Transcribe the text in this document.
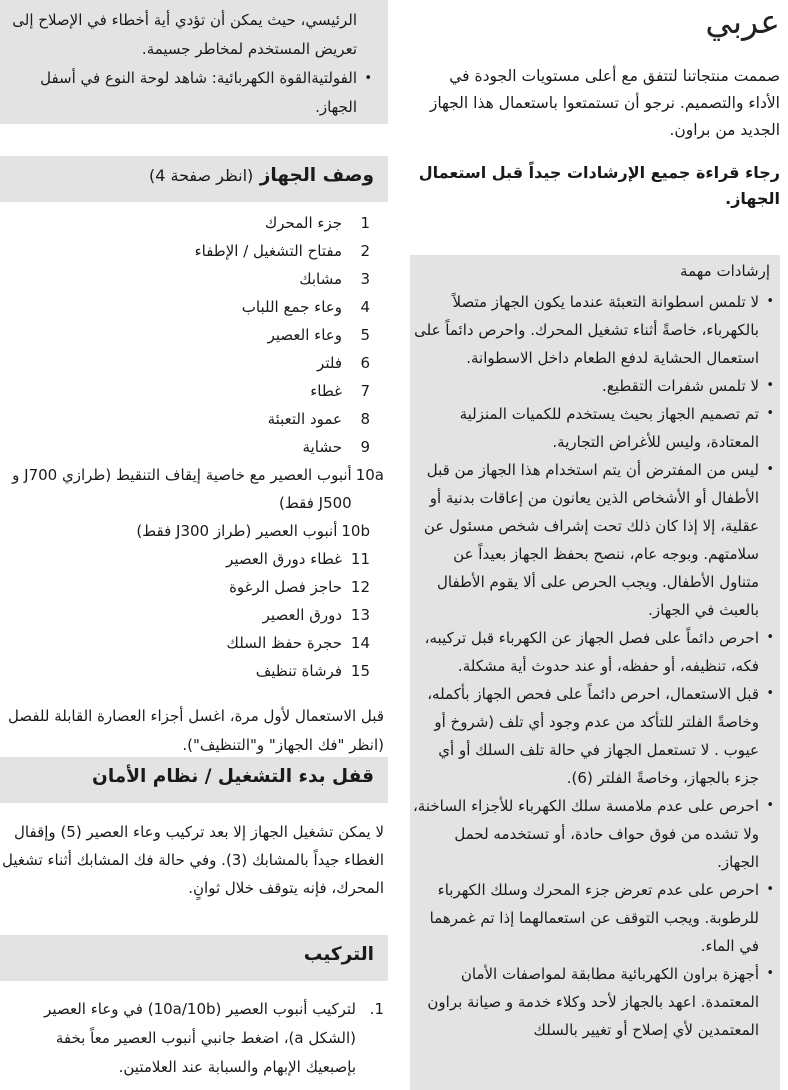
عربي
صممت منتجاتنا لتتفق مع أعلى مستويات الجودة في الأداء والتصميم. نرجو أن تستمتعوا باستعمال هذا الجهاز الجديد من براون.
رجاء قراءة جميع الإرشادات جيداً قبل استعمال الجهاز.
إرشادات مهمة
• لا تلمس اسطوانة التعبئة عندما يكون الجهاز متصلاً بالكهرباء، خاصةً أثناء تشغيل المحرك. واحرص دائماً على استعمال الحشاية لدفع الطعام داخل الاسطوانة.
• لا تلمس شفرات التقطيع.
• تم تصميم الجهاز بحيث يستخدم للكميات المنزلية المعتادة، وليس للأغراض التجارية.
• ليس من المفترض أن يتم استخدام هذا الجهاز من قبل الأطفال أو الأشخاص الذين يعانون من إعاقات بدنية أو عقلية، إلا إذا كان ذلك تحت إشراف شخص مسئول عن سلامتهم. وبوجه عام، ننصح بحفظ الجهاز بعيداً عن متناول الأطفال. ويجب الحرص على ألا يقوم الأطفال بالعبث في الجهاز.
• احرص دائماً على فصل الجهاز عن الكهرباء قبل تركيبه، فكه، تنظيفه، أو حفظه، أو عند حدوث أية مشكلة.
• قبل الاستعمال، احرص دائماً على فحص الجهاز بأكمله، وخاصةً الفلتر للتأكد من عدم وجود أي تلف (شروخ أو عيوب . لا تستعمل الجهاز في حالة تلف السلك أو أي جزء بالجهاز، وخاصةً الفلتر (6).
• احرص على عدم ملامسة سلك الكهرباء للأجزاء الساخنة، ولا تشده من فوق حواف حادة، أو تستخدمه لحمل الجهاز.
• احرص على عدم تعرض جزء المحرك وسلك الكهرباء للرطوبة. ويجب التوقف عن استعمالهما إذا تم غمرهما في الماء.
• أجهزة براون الكهربائية مطابقة لمواصفات الأمان المعتمدة. اعهد بالجهاز لأحد وكلاء خدمة و صيانة براون المعتمدين لأي إصلاح أو تغيير بالسلك
الرئيسي، حيث يمكن أن تؤدي أية أخطاء في الإصلاح إلى تعريض المستخدم لمخاطر جسيمة.
• الفولتيةالقوة الكهربائية: شاهد لوحة النوع في أسفل الجهاز.
وصف الجهاز (انظر صفحة 4)
1
جزء المحرك
2
مفتاح التشغيل / الإطفاء
3
مشابك
4
وعاء جمع اللباب
5
وعاء العصير
6
فلتر
7
غطاء
8
عمود التعبئة
9
حشاية
10a
أنبوب العصير مع خاصية إيقاف التنقيط (طرازي J700 و J500 فقط)
10b
أنبوب العصير (طراز J300 فقط)
11
غطاء دورق العصير
12
حاجز فصل الرغوة
13
دورق العصير
14
حجرة حفظ السلك
15
فرشاة تنظيف
قبل الاستعمال لأول مرة، اغسل أجزاء العصارة القابلة للفصل (انظر "فك الجهاز" و"التنظيف").
قفل بدء التشغيل / نظام الأمان
لا يمكن تشغيل الجهاز إلا بعد تركيب وعاء العصير (5) وإقفال الغطاء جيداً بالمشابك (3). وفي حالة فك المشابك أثناء تشغيل المحرك، فإنه يتوقف خلال ثوانٍ.
التركيب
1.
لتركيب أنبوب العصير (10a/10b) في وعاء العصير (الشكل a)، اضغط جانبي أنبوب العصير معاً بخفة بإصبعيك الإبهام والسبابة عند العلامتين.
